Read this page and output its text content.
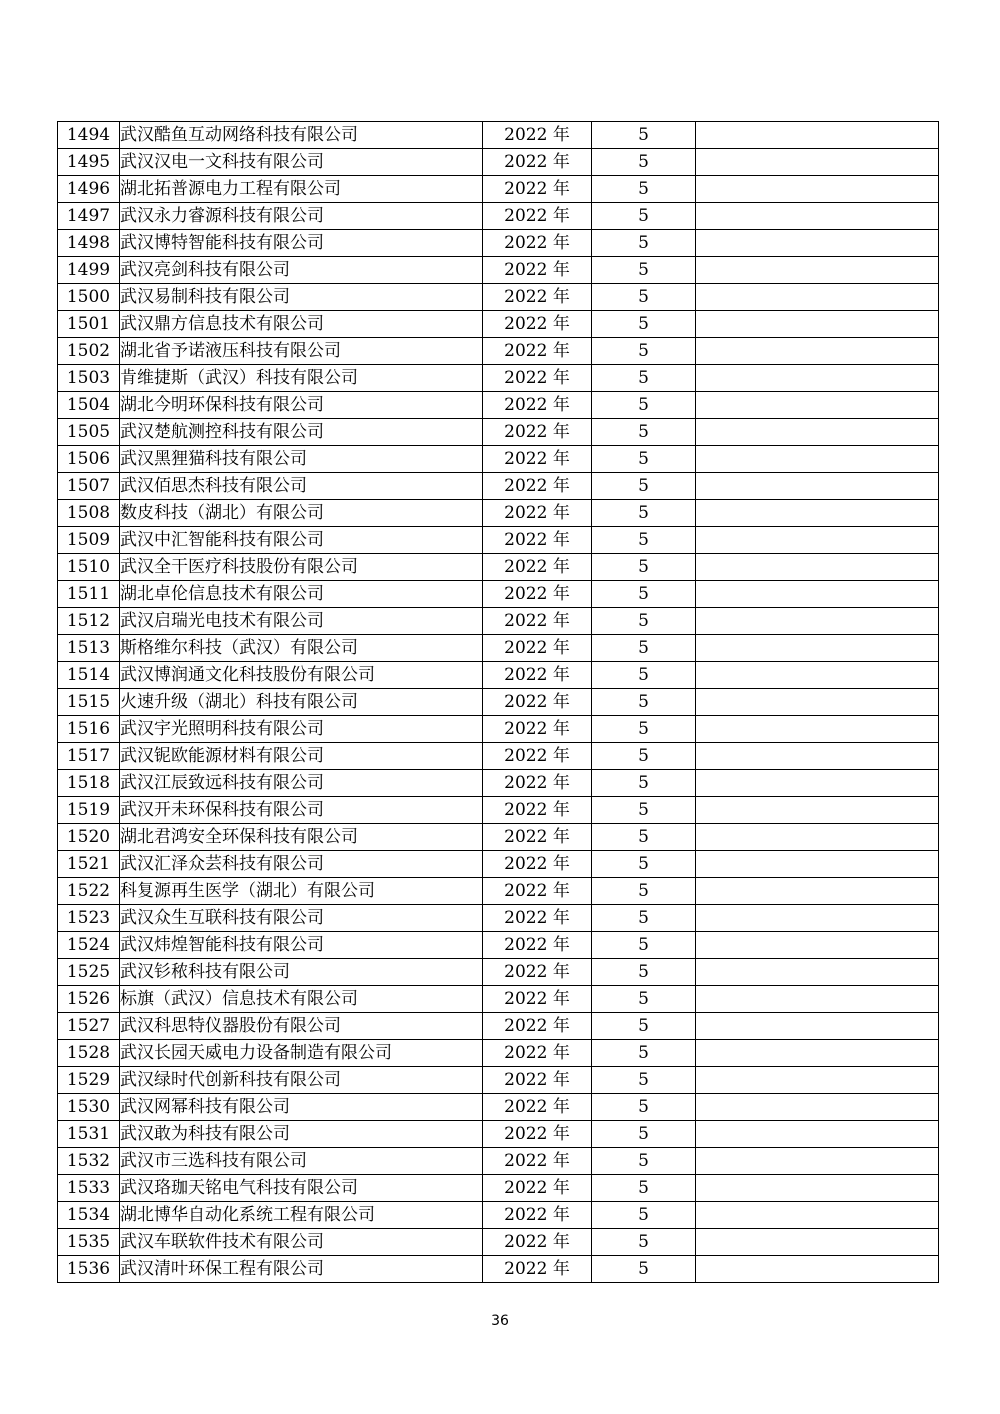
1494	武汉酷鱼互动网络科技有限公司	2022 年	5	
1495	武汉汉电一文科技有限公司	2022 年	5	
1496	湖北拓普源电力工程有限公司	2022 年	5	
1497	武汉永力睿源科技有限公司	2022 年	5	
1498	武汉博特智能科技有限公司	2022 年	5	
1499	武汉亮剑科技有限公司	2022 年	5	
1500	武汉易制科技有限公司	2022 年	5	
1501	武汉鼎方信息技术有限公司	2022 年	5	
1502	湖北省予诺液压科技有限公司	2022 年	5	
1503	肯维捷斯（武汉）科技有限公司	2022 年	5	
1504	湖北今明环保科技有限公司	2022 年	5	
1505	武汉楚航测控科技有限公司	2022 年	5	
1506	武汉黑狸猫科技有限公司	2022 年	5	
1507	武汉佰思杰科技有限公司	2022 年	5	
1508	数皮科技（湖北）有限公司	2022 年	5	
1509	武汉中汇智能科技有限公司	2022 年	5	
1510	武汉全干医疗科技股份有限公司	2022 年	5	
1511	湖北卓伦信息技术有限公司	2022 年	5	
1512	武汉启瑞光电技术有限公司	2022 年	5	
1513	斯格维尔科技（武汉）有限公司	2022 年	5	
1514	武汉博润通文化科技股份有限公司	2022 年	5	
1515	火速升级（湖北）科技有限公司	2022 年	5	
1516	武汉宇光照明科技有限公司	2022 年	5	
1517	武汉铌欧能源材料有限公司	2022 年	5	
1518	武汉江辰致远科技有限公司	2022 年	5	
1519	武汉开未环保科技有限公司	2022 年	5	
1520	湖北君鸿安全环保科技有限公司	2022 年	5	
1521	武汉汇泽众芸科技有限公司	2022 年	5	
1522	科复源再生医学（湖北）有限公司	2022 年	5	
1523	武汉众生互联科技有限公司	2022 年	5	
1524	武汉炜煌智能科技有限公司	2022 年	5	
1525	武汉钐秾科技有限公司	2022 年	5	
1526	标旗（武汉）信息技术有限公司	2022 年	5	
1527	武汉科思特仪器股份有限公司	2022 年	5	
1528	武汉长园天威电力设备制造有限公司	2022 年	5	
1529	武汉绿时代创新科技有限公司	2022 年	5	
1530	武汉网幂科技有限公司	2022 年	5	
1531	武汉敢为科技有限公司	2022 年	5	
1532	武汉市三选科技有限公司	2022 年	5	
1533	武汉珞珈天铭电气科技有限公司	2022 年	5	
1534	湖北博华自动化系统工程有限公司	2022 年	5	
1535	武汉车联软件技术有限公司	2022 年	5	
1536	武汉清叶环保工程有限公司	2022 年	5	
36
